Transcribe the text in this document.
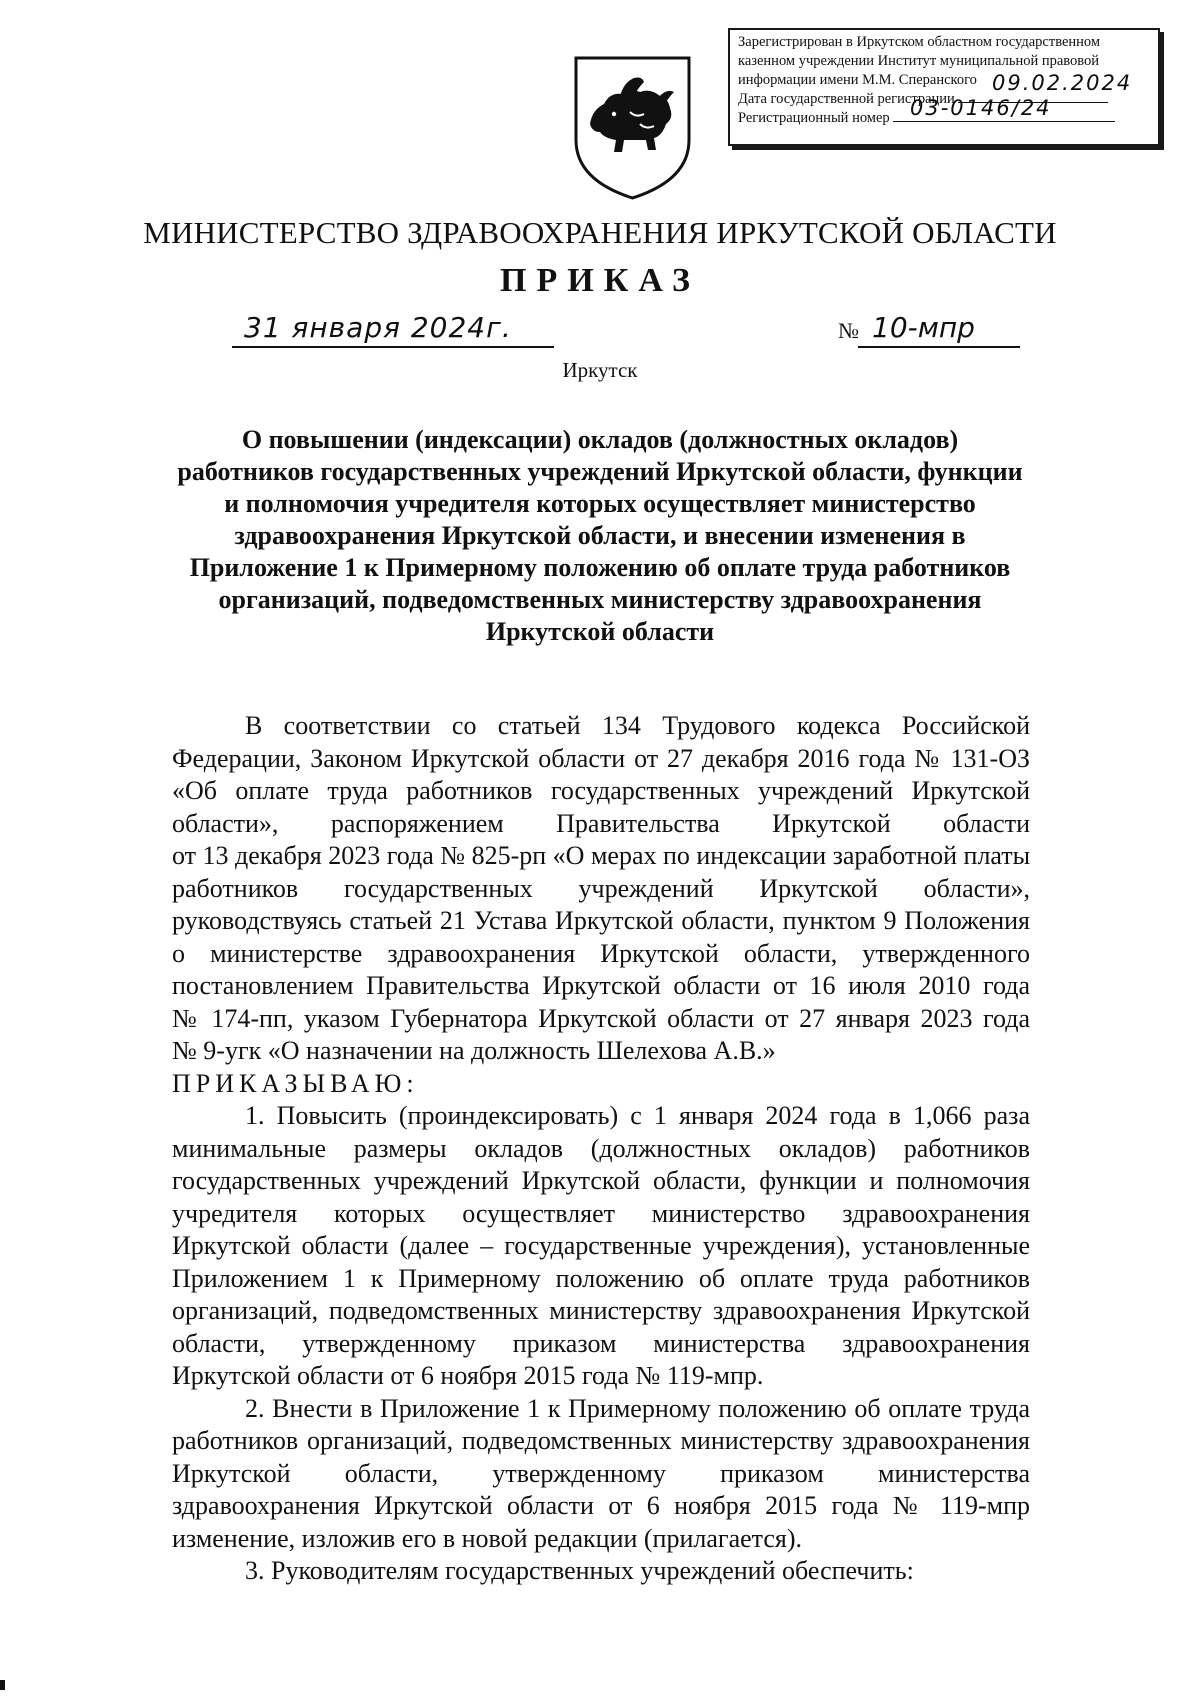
Зарегистрирован в Иркутском областном государственном
казенном учреждении Институт муниципальной правовой
информации имени М.М. Сперанского
Дата государственной регистрации
09.02.2024
Регистрационный номер 03-0146/24
МИНИСТЕРСТВО ЗДРАВООХРАНЕНИЯ ИРКУТСКОЙ ОБЛАСТИ
ПРИКАЗ
31 января 2024г.	№ 10-мпр
Иркутск
О повышении (индексации) окладов (должностных окладов)
работников государственных учреждений Иркутской области, функции
и полномочия учредителя которых осуществляет министерство
здравоохранения Иркутской области, и внесении изменения в
Приложение 1 к Примерному положению об оплате труда работников
организаций, подведомственных министерству здравоохранения
Иркутской области
В соответствии со статьей 134 Трудового кодекса Российской
Федерации, Законом Иркутской области от 27 декабря 2016 года № 131-ОЗ
«Об оплате труда работников государственных учреждений Иркутской
области», распоряжением Правительства Иркутской области
от 13 декабря 2023 года № 825-рп «О мерах по индексации заработной платы
работников государственных учреждений Иркутской области»,
руководствуясь статьей 21 Устава Иркутской области, пунктом 9 Положения
о министерстве здравоохранения Иркутской области, утвержденного
постановлением Правительства Иркутской области от 16 июля 2010 года
№ 174-пп, указом Губернатора Иркутской области от 27 января 2023 года
№ 9-угк «О назначении на должность Шелехова А.В.»
ПРИКАЗЫВАЮ:
1. Повысить (проиндексировать) с 1 января 2024 года в 1,066 раза
минимальные размеры окладов (должностных окладов) работников
государственных учреждений Иркутской области, функции и полномочия
учредителя которых осуществляет министерство здравоохранения
Иркутской области (далее – государственные учреждения), установленные
Приложением 1 к Примерному положению об оплате труда работников
организаций, подведомственных министерству здравоохранения Иркутской
области, утвержденному приказом министерства здравоохранения
Иркутской области от 6 ноября 2015 года № 119-мпр.
2. Внести в Приложение 1 к Примерному положению об оплате труда
работников организаций, подведомственных министерству здравоохранения
Иркутской области, утвержденному приказом министерства
здравоохранения Иркутской области от 6 ноября 2015 года № 119-мпр
изменение, изложив его в новой редакции (прилагается).
3. Руководителям государственных учреждений обеспечить:
